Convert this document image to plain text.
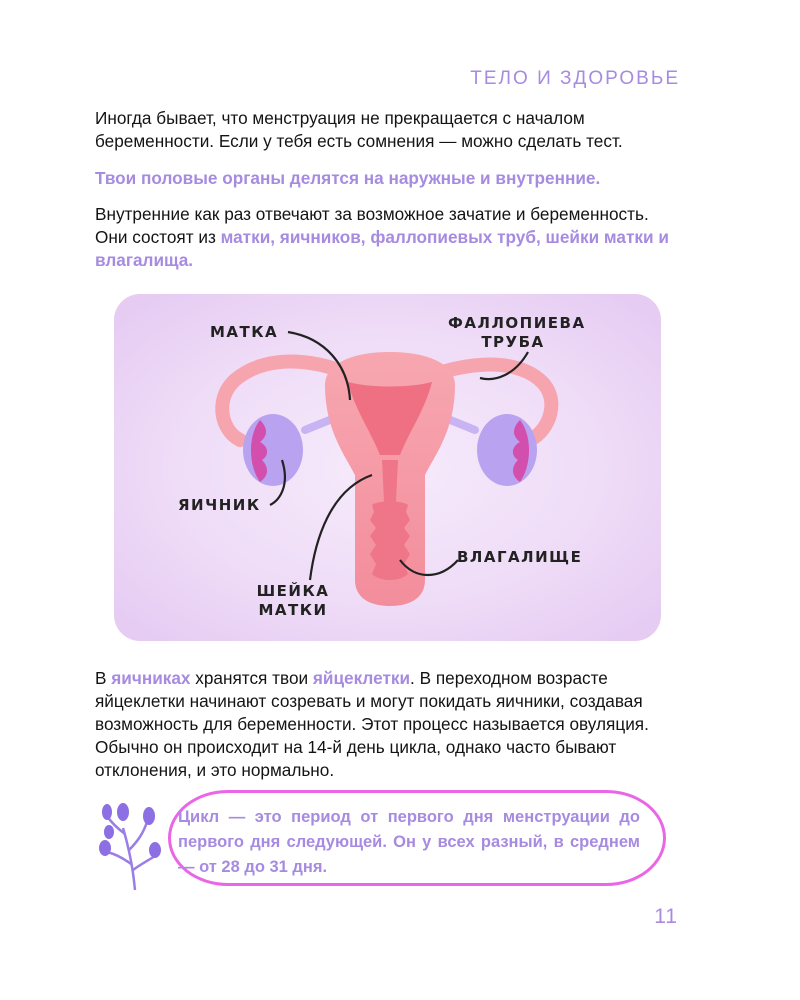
ТЕЛО И ЗДОРОВЬЕ

Иногда бывает, что менструация не прекращается с началом беременности. Если у тебя есть сомнения — можно сделать тест.

Твои половые органы делятся на наружные и внутренние.

Внутренние как раз отвечают за возможное зачатие и беременность. Они состоят из матки, яичников, фаллопиевых труб, шейки матки и влагалища.

МАТКА	ФАЛЛОПИЕВА
ТРУБА
ЯИЧНИК
ВЛАГАЛИЩЕ
ШЕЙКА
МАТКИ

В яичниках хранятся твои яйцеклетки. В переходном возрасте яйцеклетки начинают созревать и могут покидать яичники, создавая возможность для беременности. Этот процесс называется овуляция. Обычно он происходит на 14-й день цикла, однако часто бывают отклонения, и это нормально.

Цикл — это период от первого дня менструации до первого дня следующей. Он у всех разный, в среднем — от 28 до 31 дня.
11
